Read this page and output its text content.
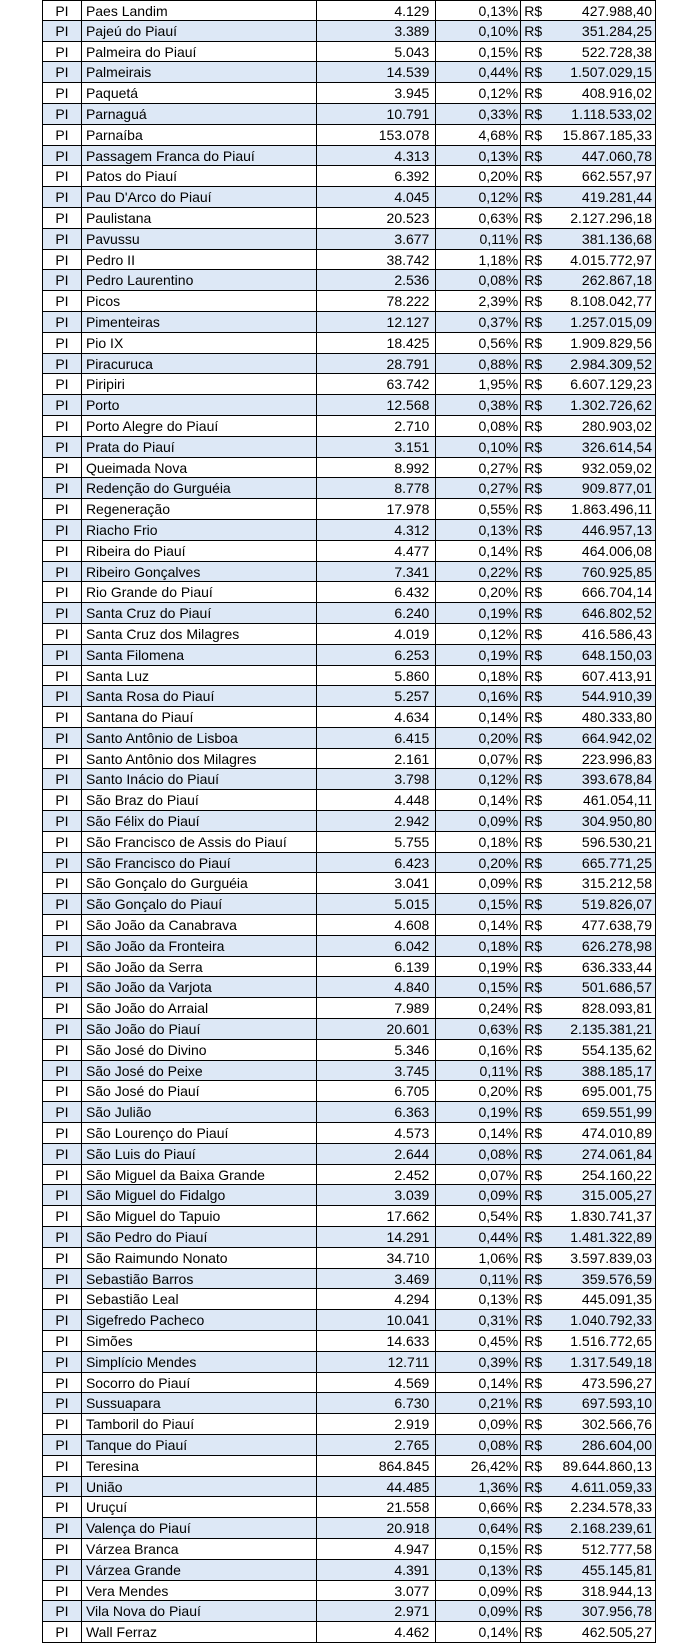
PI	Paes Landim	4.129	0,13% R$	427.988,40
PI	Pajeú do Piauí	3.389	0,10% R$	351.284,25
PI	Palmeira do Piauí	5.043	0,15% R$	522.728,38
PI	Palmeirais	14.539	0,44% R$ 1.507.029,15
PI	Paquetá	3.945	0,12% R$	408.916,02
PI	Parnaguá	10.791	0,33% R$ 1.118.533,02
PI	Parnaíba	153.078	4,68% R$ 15.867.185,33
PI	Passagem Franca do Piauí	4.313	0,13% R$	447.060,78
PI	Patos do Piauí	6.392	0,20% R$	662.557,97
PI	Pau D'Arco do Piauí	4.045	0,12% R$	419.281,44
PI	Paulistana	20.523	0,63% R$ 2.127.296,18
PI	Pavussu	3.677	0,11% R$	381.136,68
PI	Pedro II	38.742	1,18% R$ 4.015.772,97
PI	Pedro Laurentino	2.536	0,08% R$	262.867,18
PI	Picos	78.222	2,39% R$ 8.108.042,77
PI	Pimenteiras	12.127	0,37% R$ 1.257.015,09
PI	Pio IX	18.425	0,56% R$ 1.909.829,56
PI	Piracuruca	28.791	0,88% R$ 2.984.309,52
PI	Piripiri	63.742	1,95% R$ 6.607.129,23
PI	Porto	12.568	0,38% R$ 1.302.726,62
PI	Porto Alegre do Piauí	2.710	0,08% R$	280.903,02
PI	Prata do Piauí	3.151	0,10% R$	326.614,54
PI	Queimada Nova	8.992	0,27% R$	932.059,02
PI	Redenção do Gurguéia	8.778	0,27% R$	909.877,01
PI	Regeneração	17.978	0,55% R$ 1.863.496,11
PI	Riacho Frio	4.312	0,13% R$	446.957,13
PI	Ribeira do Piauí	4.477	0,14% R$	464.006,08
PI	Ribeiro Gonçalves	7.341	0,22% R$	760.925,85
PI	Rio Grande do Piauí	6.432	0,20% R$	666.704,14
PI	Santa Cruz do Piauí	6.240	0,19% R$	646.802,52
PI	Santa Cruz dos Milagres	4.019	0,12% R$	416.586,43
PI	Santa Filomena	6.253	0,19% R$	648.150,03
PI	Santa Luz	5.860	0,18% R$	607.413,91
PI	Santa Rosa do Piauí	5.257	0,16% R$	544.910,39
PI	Santana do Piauí	4.634	0,14% R$	480.333,80
PI	Santo Antônio de Lisboa	6.415	0,20% R$	664.942,02
PI	Santo Antônio dos Milagres	2.161	0,07% R$	223.996,83
PI	Santo Inácio do Piauí	3.798	0,12% R$	393.678,84
PI	São Braz do Piauí	4.448	0,14% R$	461.054,11
PI	São Félix do Piauí	2.942	0,09% R$	304.950,80
PI	São Francisco de Assis do Piauí	5.755	0,18% R$	596.530,21
PI	São Francisco do Piauí	6.423	0,20% R$	665.771,25
PI	São Gonçalo do Gurguéia	3.041	0,09% R$	315.212,58
PI	São Gonçalo do Piauí	5.015	0,15% R$	519.826,07
PI	São João da Canabrava	4.608	0,14% R$	477.638,79
PI	São João da Fronteira	6.042	0,18% R$	626.278,98
PI	São João da Serra	6.139	0,19% R$	636.333,44
PI	São João da Varjota	4.840	0,15% R$	501.686,57
PI	São João do Arraial	7.989	0,24% R$	828.093,81
PI	São João do Piauí	20.601	0,63% R$ 2.135.381,21
PI	São José do Divino	5.346	0,16% R$	554.135,62
PI	São José do Peixe	3.745	0,11% R$	388.185,17
PI	São José do Piauí	6.705	0,20% R$	695.001,75
PI	São Julião	6.363	0,19% R$	659.551,99
PI	São Lourenço do Piauí	4.573	0,14% R$	474.010,89
PI	São Luis do Piauí	2.644	0,08% R$	274.061,84
PI	São Miguel da Baixa Grande	2.452	0,07% R$	254.160,22
PI	São Miguel do Fidalgo	3.039	0,09% R$	315.005,27
PI	São Miguel do Tapuio	17.662	0,54% R$ 1.830.741,37
PI	São Pedro do Piauí	14.291	0,44% R$ 1.481.322,89
PI	São Raimundo Nonato	34.710	1,06% R$ 3.597.839,03
PI	Sebastião Barros	3.469	0,11% R$	359.576,59
PI	Sebastião Leal	4.294	0,13% R$	445.091,35
PI	Sigefredo Pacheco	10.041	0,31% R$ 1.040.792,33
PI	Simões	14.633	0,45% R$ 1.516.772,65
PI	Simplício Mendes	12.711	0,39% R$ 1.317.549,18
PI	Socorro do Piauí	4.569	0,14% R$	473.596,27
PI	Sussuapara	6.730	0,21% R$	697.593,10
PI	Tamboril do Piauí	2.919	0,09% R$	302.566,76
PI	Tanque do Piauí	2.765	0,08% R$	286.604,00
PI	Teresina	864.845	26,42% R$ 89.644.860,13
PI	União	44.485	1,36% R$ 4.611.059,33
PI	Uruçuí	21.558	0,66% R$ 2.234.578,33
PI	Valença do Piauí	20.918	0,64% R$ 2.168.239,61
PI	Várzea Branca	4.947	0,15% R$	512.777,58
PI	Várzea Grande	4.391	0,13% R$	455.145,81
PI	Vera Mendes	3.077	0,09% R$	318.944,13
PI	Vila Nova do Piauí	2.971	0,09% R$	307.956,78
PI	Wall Ferraz	4.462	0,14% R$	462.505,27
